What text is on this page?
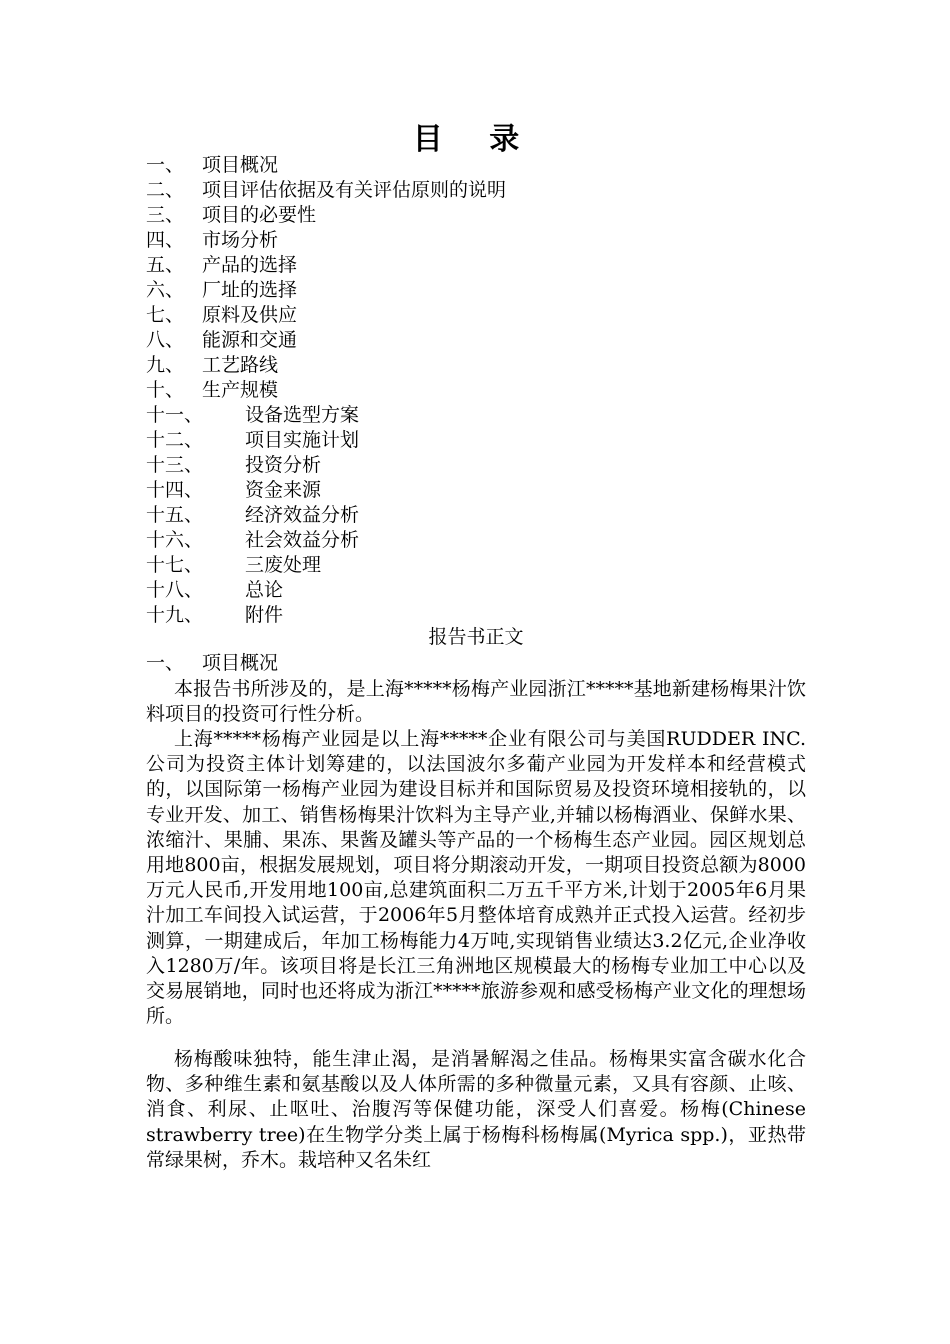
目 录
一、 项目概况
二、 项目评估依据及有关评估原则的说明
三、 项目的必要性
四、 市场分析
五、 产品的选择
六、 厂址的选择
七、 原料及供应
八、 能源和交通
九、 工艺路线
十、 生产规模
十一、 设备选型方案
十二、 项目实施计划
十三、 投资分析
十四、 资金来源
十五、 经济效益分析
十六、 社会效益分析
十七、 三废处理
十八、 总论
十九、 附件
报告书正文
一、 项目概况

本报告书所涉及的，是上海*****杨梅产业园浙江*****基地新建杨梅果汁饮料项目的投资可行性分析。

上海*****杨梅产业园是以上海*****企业有限公司与美国RUDDER INC.公司为投资主体计划筹建的，以法国波尔多葡产业园为开发样本和经营模式的，以国际第一杨梅产业园为建设目标并和国际贸易及投资环境相接轨的，以专业开发、加工、销售杨梅果汁饮料为主导产业,并辅以杨梅酒业、保鲜水果、浓缩汁、果脯、果冻、果酱及罐头等产品的一个杨梅生态产业园。园区规划总用地800亩，根据发展规划，项目将分期滚动开发，一期项目投资总额为8000万元人民币,开发用地100亩,总建筑面积二万五千平方米,计划于2005年6月果汁加工车间投入试运营，于2006年5月整体培育成熟并正式投入运营。经初步测算，一期建成后，年加工杨梅能力4万吨,实现销售业绩达3.2亿元,企业净收入1280万/年。该项目将是长江三角洲地区规模最大的杨梅专业加工中心以及交易展销地，同时也还将成为浙江*****旅游参观和感受杨梅产业文化的理想场所。

杨梅酸味独特，能生津止渴，是消暑解渴之佳品。杨梅果实富含碳水化合物、多种维生素和氨基酸以及人体所需的多种微量元素，又具有容颜、止咳、消食、利尿、止呕吐、治腹泻等保健功能，深受人们喜爱。杨梅(Chinese strawberry tree)在生物学分类上属于杨梅科杨梅属(Myrica spp.)，亚热带常绿果树，乔木。栽培种又名朱红
